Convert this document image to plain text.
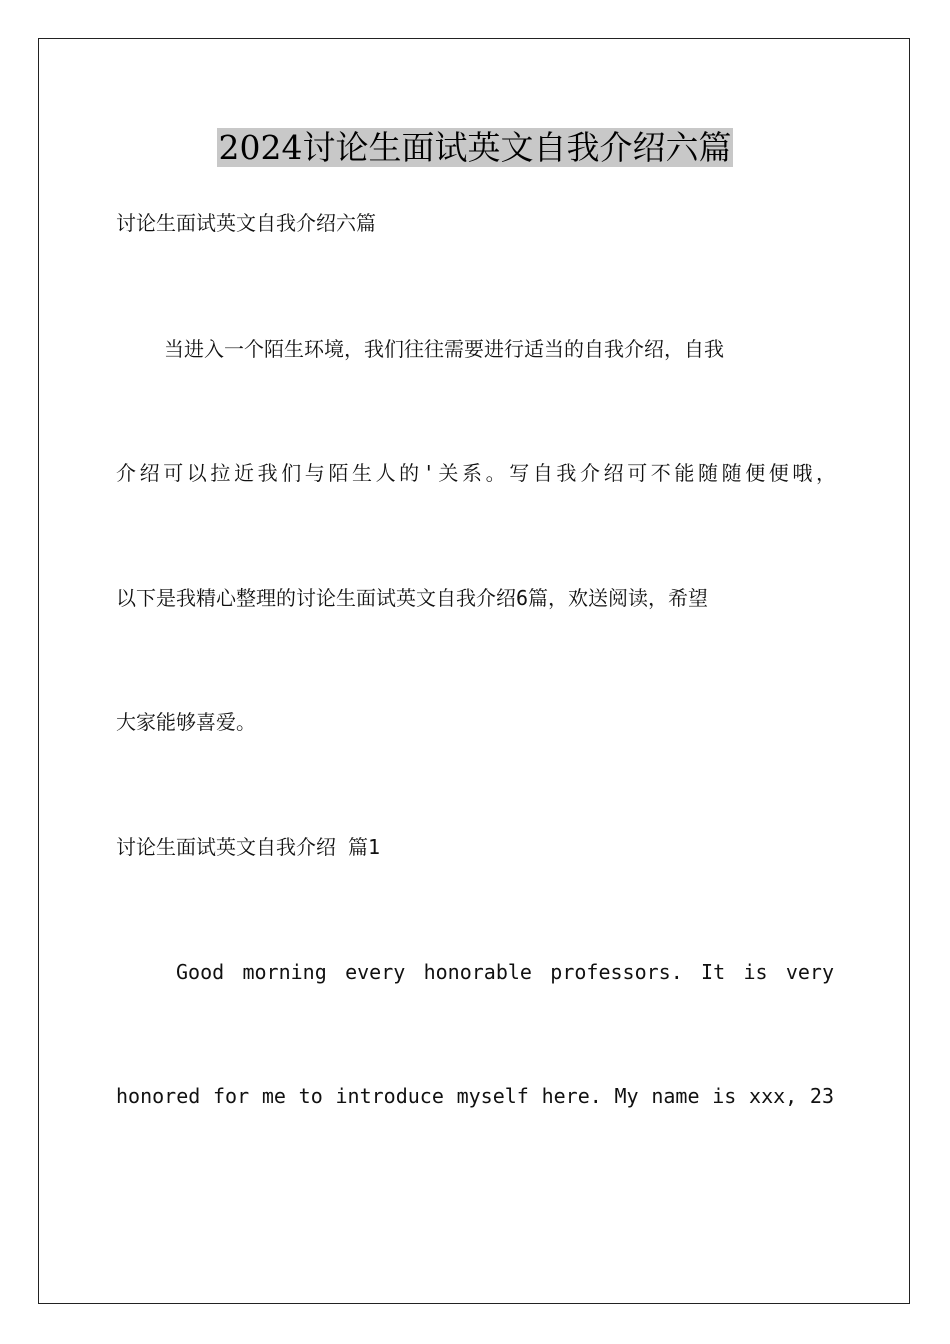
2024讨论生面试英文自我介绍六篇
讨论生面试英文自我介绍六篇
当进入一个陌生环境，我们往往需要进行适当的自我介绍，自我
介绍可以拉近我们与陌生人的'关系。写自我介绍可不能随随便便哦，
以下是我精心整理的讨论生面试英文自我介绍6篇，欢送阅读，希望
大家能够喜爱。
讨论生面试英文自我介绍 篇1
Good morning every honorable professors. It is very
honored for me to introduce myself here. My name is xxx, 23
